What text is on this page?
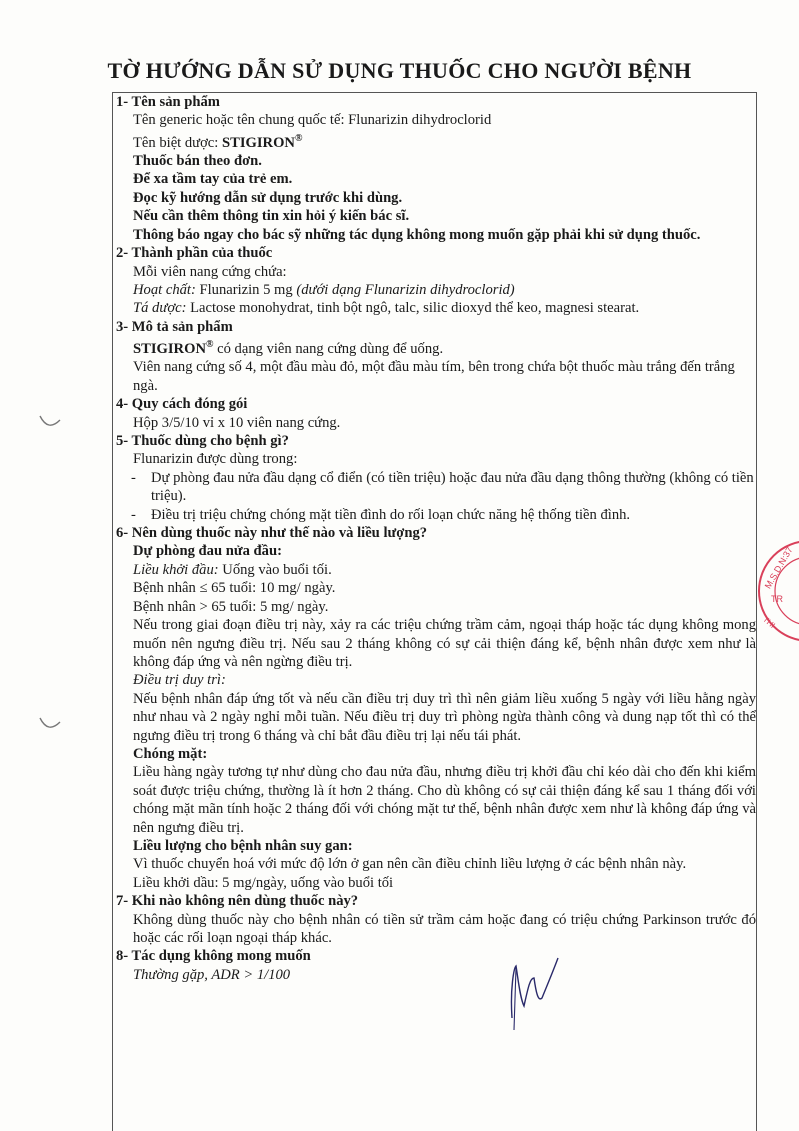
TỜ HƯỚNG DẪN SỬ DỤNG THUỐC CHO NGƯỜI BỆNH
1- Tên sản phẩm
Tên generic hoặc tên chung quốc tế: Flunarizin dihydroclorid
Tên biệt dược: STIGIRON®
Thuốc bán theo đơn.
Để xa tầm tay của trẻ em.
Đọc kỹ hướng dẫn sử dụng trước khi dùng.
Nếu cần thêm thông tin xin hỏi ý kiến bác sĩ.
Thông báo ngay cho bác sỹ những tác dụng không mong muốn gặp phải khi sử dụng thuốc.
2- Thành phần của thuốc
Mỗi viên nang cứng chứa:
Hoạt chất: Flunarizin 5 mg (dưới dạng Flunarizin dihydroclorid)
Tá dược: Lactose monohydrat, tinh bột ngô, talc, silic dioxyd thể keo, magnesi stearat.
3- Mô tả sản phẩm
STIGIRON® có dạng viên nang cứng dùng để uống.
Viên nang cứng số 4, một đầu màu đỏ, một đầu màu tím, bên trong chứa bột thuốc màu trắng đến trắng ngà.
4- Quy cách đóng gói
Hộp 3/5/10 vỉ x 10 viên nang cứng.
5- Thuốc dùng cho bệnh gì?
Flunarizin được dùng trong:
- Dự phòng đau nửa đầu dạng cổ điển (có tiền triệu) hoặc đau nửa đầu dạng thông thường (không có tiền triệu).
- Điều trị triệu chứng chóng mặt tiền đình do rối loạn chức năng hệ thống tiền đình.
6- Nên dùng thuốc này như thế nào và liều lượng?
Dự phòng đau nửa đầu:
Liều khởi đầu: Uống vào buổi tối.
Bệnh nhân ≤ 65 tuổi: 10 mg/ ngày.
Bệnh nhân > 65 tuổi: 5 mg/ ngày.
Nếu trong giai đoạn điều trị này, xảy ra các triệu chứng trầm cảm, ngoại tháp hoặc tác dụng không mong muốn nên ngưng điều trị. Nếu sau 2 tháng không có sự cải thiện đáng kể, bệnh nhân được xem như là không đáp ứng và nên ngừng điều trị.
Điều trị duy trì:
Nếu bệnh nhân đáp ứng tốt và nếu cần điều trị duy trì thì nên giảm liều xuống 5 ngày với liều hằng ngày như nhau và 2 ngày nghỉ mỗi tuần. Nếu điều trị duy trì phòng ngừa thành công và dung nạp tốt thì có thể ngưng điều trị trong 6 tháng và chỉ bắt đầu điều trị lại nếu tái phát.
Chóng mặt:
Liều hàng ngày tương tự như dùng cho đau nửa đầu, nhưng điều trị khởi đầu chỉ kéo dài cho đến khi kiểm soát được triệu chứng, thường là ít hơn 2 tháng. Cho dù không có sự cải thiện đáng kể sau 1 tháng đối với chóng mặt mãn tính hoặc 2 tháng đối với chóng mặt tư thế, bệnh nhân được xem như là không đáp ứng và nên ngưng điều trị.
Liều lượng cho bệnh nhân suy gan:
Vì thuốc chuyển hoá với mức độ lớn ở gan nên cần điều chỉnh liều lượng ở các bệnh nhân này.
Liều khởi dầu: 5 mg/ngày, uống vào buổi tối
7- Khi nào không nên dùng thuốc này?
Không dùng thuốc này cho bệnh nhân có tiền sử trầm cảm hoặc đang có triệu chứng Parkinson trước đó hoặc các rối loạn ngoại tháp khác.
8- Tác dụng không mong muốn
Thường gặp, ADR > 1/100
M.S.D.N:37
TR
THI
